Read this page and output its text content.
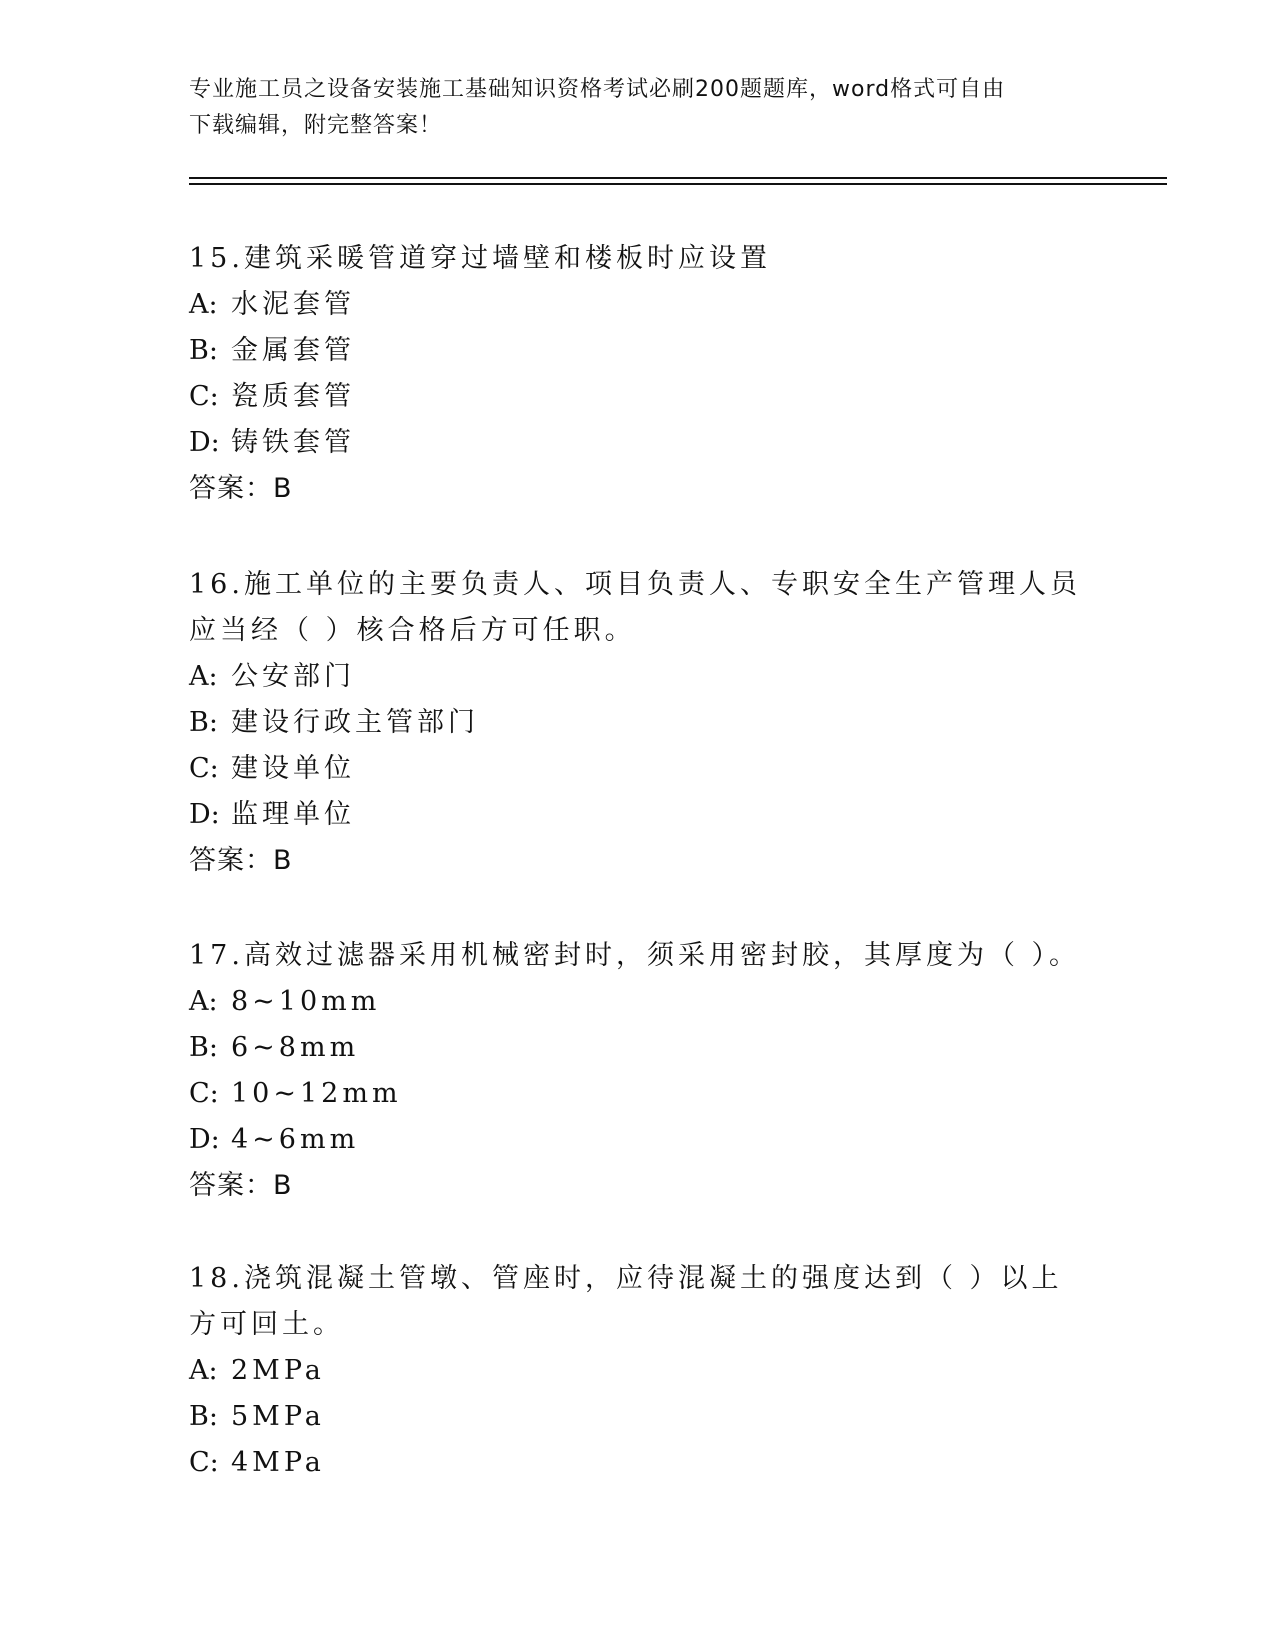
专业施工员之设备安装施工基础知识资格考试必刷200题题库，word格式可自由
下载编辑，附完整答案！

15.建筑采暖管道穿过墙壁和楼板时应设置

A: 水泥套管

B: 金属套管

C: 瓷质套管

D: 铸铁套管

答案：B

16.施工单位的主要负责人、项目负责人、专职安全生产管理人员应当经（ ）核合格后方可任职。

A: 公安部门

B: 建设行政主管部门

C: 建设单位

D: 监理单位

答案：B

17.高效过滤器采用机械密封时，须采用密封胶，其厚度为（ ）。

A: 8~10mm

B: 6~8mm

C: 10~12mm

D: 4~6mm

答案：B

18.浇筑混凝土管墩、管座时，应待混凝土的强度达到（ ）以上方可回土。

A: 2MPa

B: 5MPa

C: 4MPa
